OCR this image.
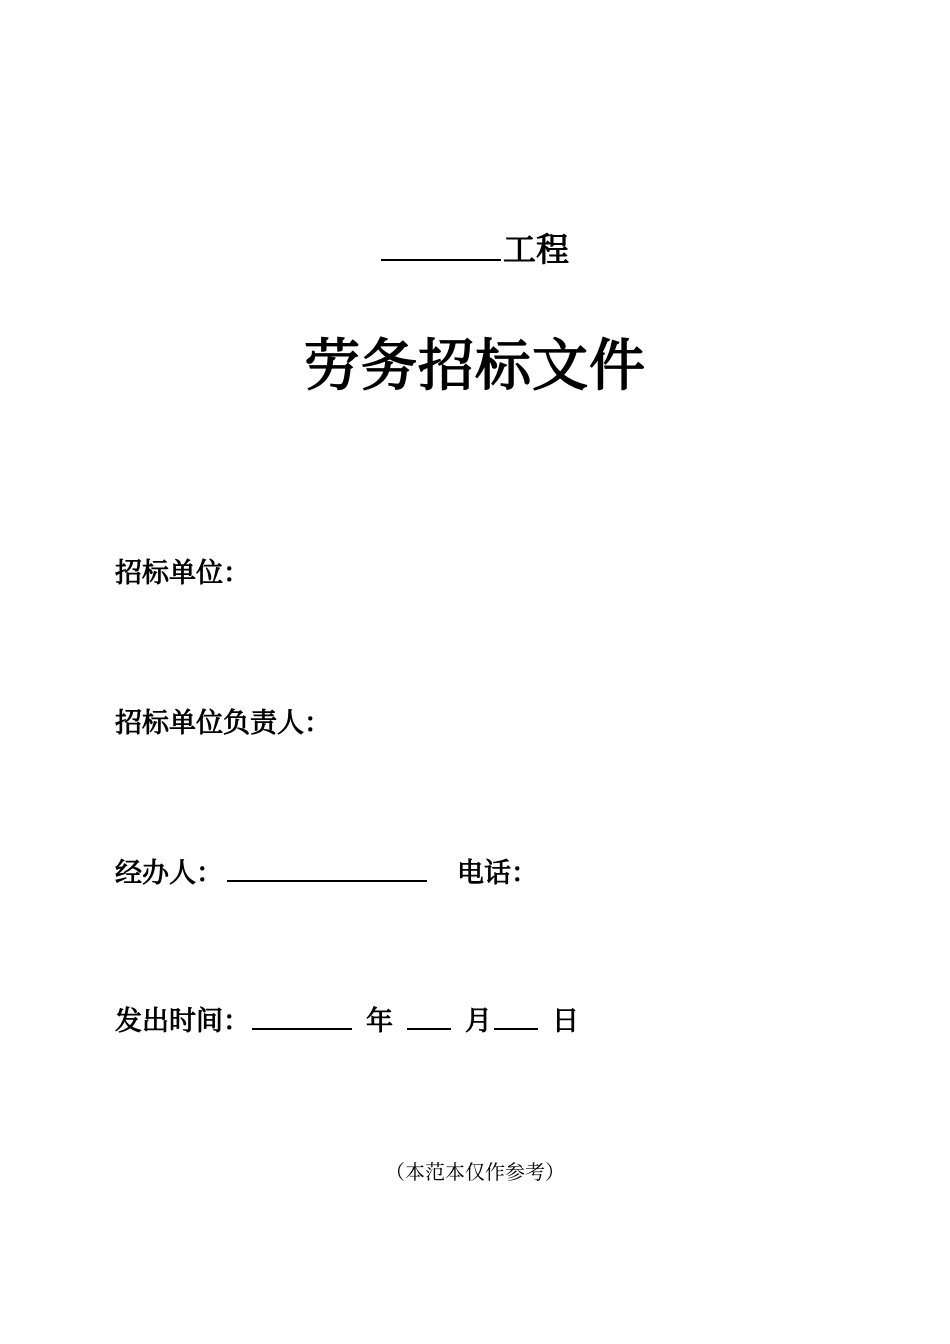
工程
劳务招标文件
招标单位：
招标单位负责人：
经办人：	电话：
发出时间：	年	月 日
（本范本仅作参考）
